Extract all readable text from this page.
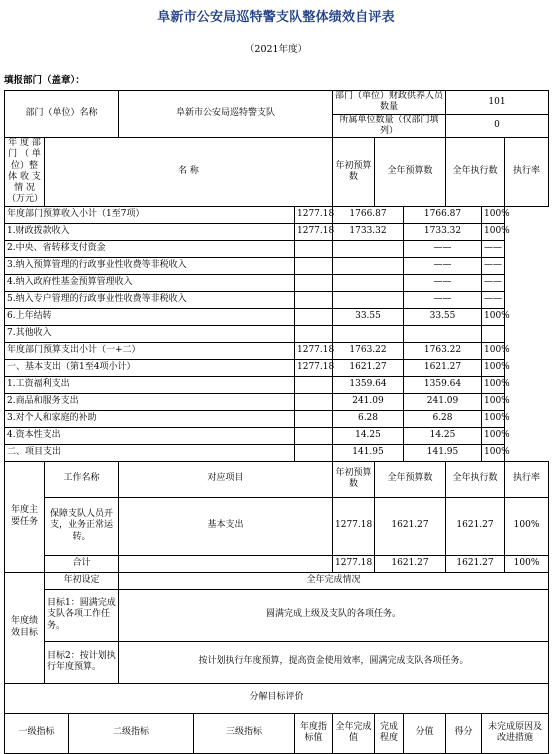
阜新市公安局巡特警支队整体绩效自评表
（2021年度）
填报部门（盖章）：
部门（单位）名称			阜新市公安局巡特警支队			部门（单位）财政供养人员数量			101		
						所属单位数量（仅部门填列）			0		
年 度 部 门 （ 单 位）整体 收 支 情 况 （万元）	名 称					年初预算数	全年预算数		全年执行数		执行率
年度部门预算收入小计（1至7项）					1277.18	1766.87		1766.87		100%	
1.财政拨款收入					1277.18	1733.32		1733.32		100%	
2.中央、省转移支付资金								——		——	
3.纳入预算管理的行政事业性收费等非税收入								——		——	
4.纳入政府性基金预算管理收入								——		——	
5.纳入专户管理的行政事业性收费等非税收入								——		——	
6.上年结转						33.55		33.55		100%	
7.其他收入											
年度部门预算支出小计（一+二）					1277.18	1763.22		1763.22		100%	
一、基本支出（第1至4项小计）					1277.18	1621.27		1621.27		100%	
1.工资福利支出						1359.64		1359.64		100%	
2.商品和服务支出						241.09		241.09		100%	
3.对个人和家庭的补助						6.28		6.28		100%	
4.资本性支出						14.25		14.25		100%	
二、项目支出						141.95		141.95		100%	
年度主要任务	工作名称		对应项目			年初预算数	全年预算数		全年执行数		执行率
	保障支队人员开支，业务正常运转。		基本支出			1277.18	1621.27		1621.27		100%
	合计					1277.18	1621.27		1621.27		100%
年度绩效目标	年初设定		全年完成情况								
	目标1：圆满完成支队各项工作任务。		圆满完成上级及支队的各项任务。								
	目标2：按计划执行年度预算。		按计划执行年度预算，提高资金使用效率，圆满完成支队各项任务。								
分解目标评价											
一级指标		二级指标		三级指标	年度指标值	全年完成值	完成程度	分值	得分	未完成原因及改进措施	
